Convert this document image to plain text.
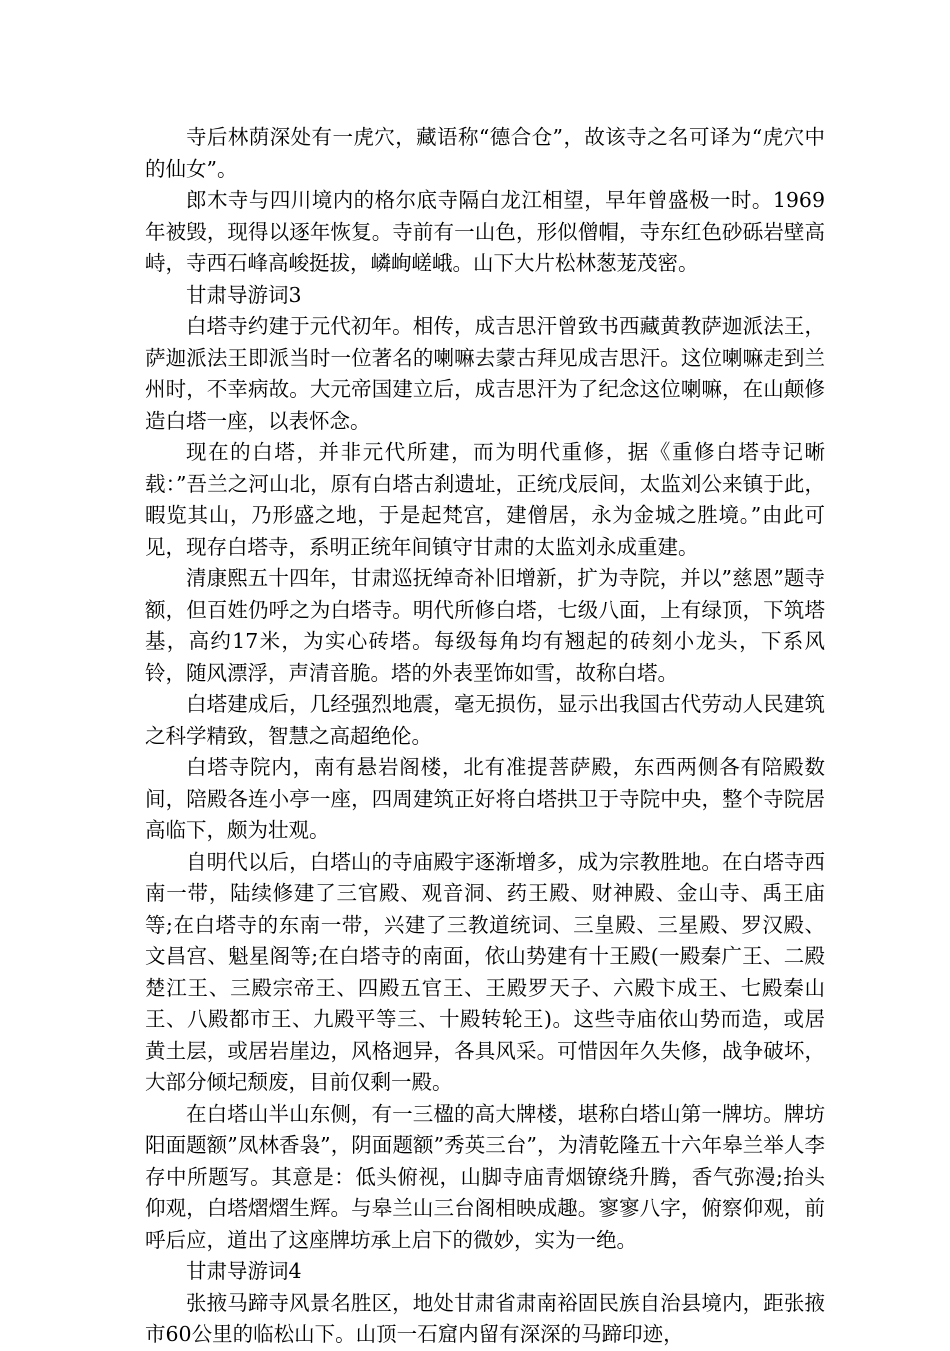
寺后林荫深处有一虎穴，藏语称“德合仓”，故该寺之名可译为“虎穴中的仙女”。

郎木寺与四川境内的格尔底寺隔白龙江相望，早年曾盛极一时。1969年被毁，现得以逐年恢复。寺前有一山色，形似僧帽，寺东红色砂砾岩壁高峙，寺西石峰高峻挺拔，嶙峋嵯峨。山下大片松林葱茏茂密。

甘肃导游词3

白塔寺约建于元代初年。相传，成吉思汗曾致书西藏黄教萨迦派法王，萨迦派法王即派当时一位著名的喇嘛去蒙古拜见成吉思汗。这位喇嘛走到兰州时，不幸病故。大元帝国建立后，成吉思汗为了纪念这位喇嘛，在山颠修造白塔一座，以表怀念。

现在的白塔，并非元代所建，而为明代重修，据《重修白塔寺记晰载：”吾兰之河山北，原有白塔古刹遗址，正统戊辰间，太监刘公来镇于此，暇览其山，乃形盛之地，于是起梵宫，建僧居，永为金城之胜境。”由此可见，现存白塔寺，系明正统年间镇守甘肃的太监刘永成重建。

清康熙五十四年，甘肃巡抚绰奇补旧增新，扩为寺院，并以”慈恩”题寺额，但百姓仍呼之为白塔寺。明代所修白塔，七级八面，上有绿顶，下筑塔基，高约17米，为实心砖塔。每级每角均有翘起的砖刻小龙头，下系风铃，随风漂浮，声清音脆。塔的外表垩饰如雪，故称白塔。

白塔建成后，几经强烈地震，毫无损伤，显示出我国古代劳动人民建筑之科学精致，智慧之高超绝伦。

白塔寺院内，南有悬岩阁楼，北有准提菩萨殿，东西两侧各有陪殿数间，陪殿各连小亭一座，四周建筑正好将白塔拱卫于寺院中央，整个寺院居高临下，颇为壮观。

自明代以后，白塔山的寺庙殿宇逐渐增多，成为宗教胜地。在白塔寺西南一带，陆续修建了三官殿、观音洞、药王殿、财神殿、金山寺、禹王庙等;在白塔寺的东南一带，兴建了三教道统词、三皇殿、三星殿、罗汉殿、文昌宫、魁星阁等;在白塔寺的南面，依山势建有十王殿(一殿秦广王、二殿楚江王、三殿宗帝王、四殿五官王、王殿罗天子、六殿卞成王、七殿秦山王、八殿都市王、九殿平等三、十殿转轮王)。这些寺庙依山势而造，或居黄土层，或居岩崖边，风格迥异，各具风采。可惜因年久失修，战争破坏，大部分倾圮颓废，目前仅剩一殿。

在白塔山半山东侧，有一三楹的高大牌楼，堪称白塔山第一牌坊。牌坊阳面题额”凤林香袅”，阴面题额”秀英三台”，为清乾隆五十六年皋兰举人李存中所题写。其意是：低头俯视，山脚寺庙青烟镣绕升腾，香气弥漫;抬头仰观，白塔熠熠生辉。与皋兰山三台阁相映成趣。寥寥八字，俯察仰观，前呼后应，道出了这座牌坊承上启下的微妙，实为一绝。

甘肃导游词4

张掖马蹄寺风景名胜区，地处甘肃省肃南裕固民族自治县境内，距张掖市60公里的临松山下。山顶一石窟内留有深深的马蹄印迹，
